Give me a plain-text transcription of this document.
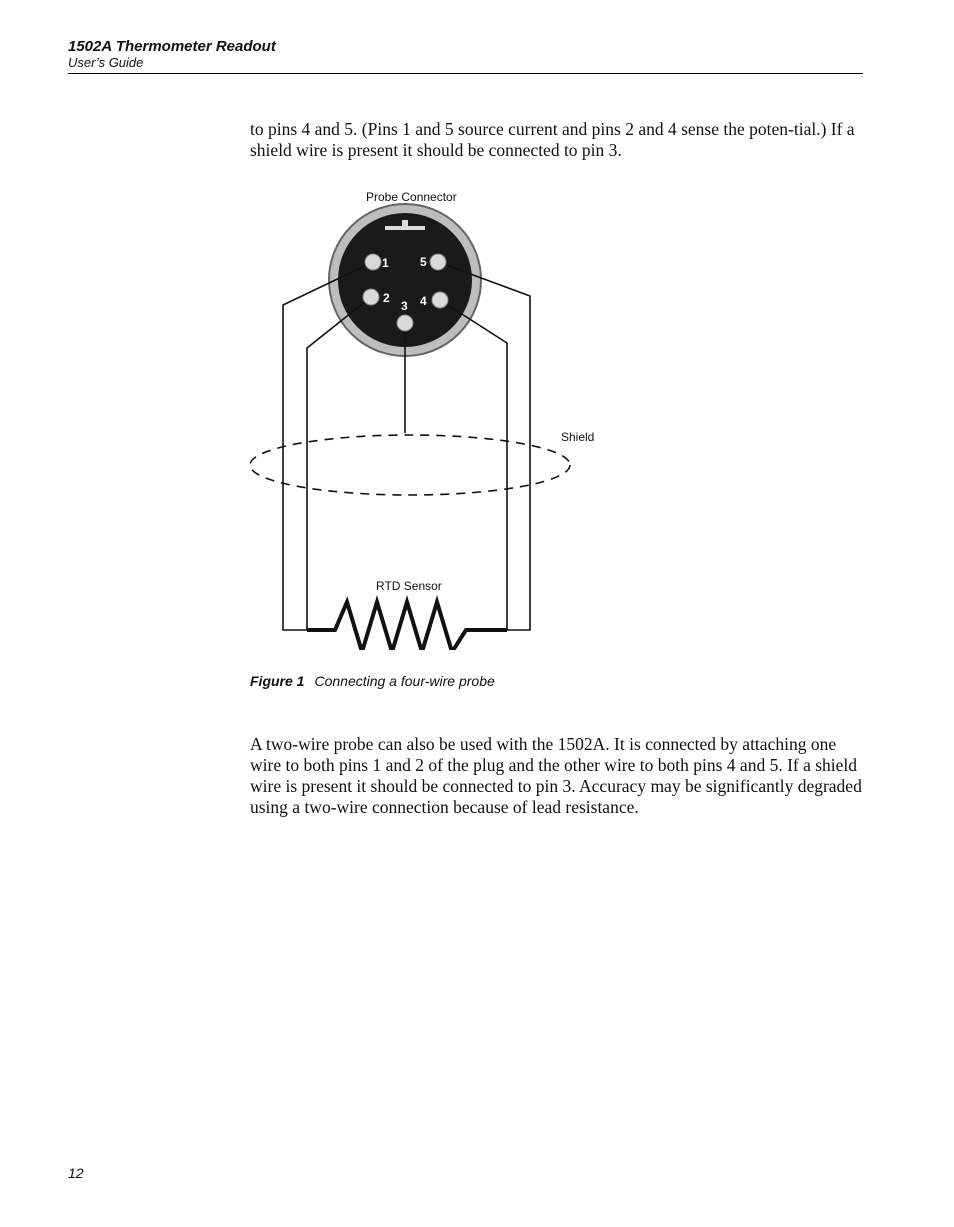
1502A Thermometer Readout
User’s Guide

to pins 4 and 5. (Pins 1 and 5 source current and pins 2 and 4 sense the poten-tial.) If a shield wire is present it should be connected to pin 3.

1
2
3 4
5
Probe Connector
Shield
RTD Sensor
Figure 1 Connecting a four-wire probe

A two-wire probe can also be used with the 1502A. It is connected by attaching one wire to both pins 1 and 2 of the plug and the other wire to both pins 4 and 5. If a shield wire is present it should be connected to pin 3. Accuracy may be significantly degraded using a two-wire connection because of lead resistance.

12
